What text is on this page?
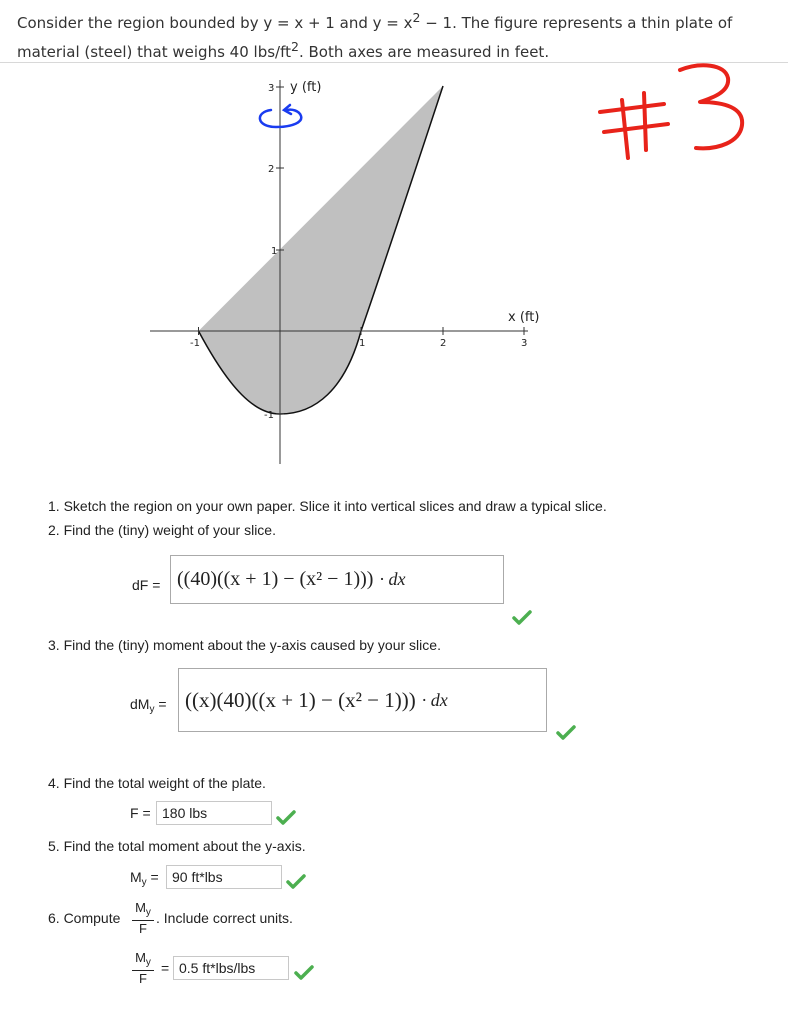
Consider the region bounded by y = x + 1 and $y = x^2 - 1$. The figure represents a thin plate of
material (steel) that weighs 40 lbs/$ft^2$. Both axes are measured in feet.
-1	1	2	3
3
2
1
-1
y (ft)
x (ft)
1. Sketch the region on your own paper. Slice it into vertical slices and draw a typical slice.
2. Find the (tiny) weight of your slice.
dF = ((40)((x + 1) − (x² − 1))) · dx
3. Find the (tiny) moment about the y-axis caused by your slice.
$dM_y = ((x)(40)((x + 1) - (x^2 - 1)))$ · dx
4. Find the total weight of the plate.
F = 180 lbs
5. Find the total moment about the y-axis.
$M_y = 90$ ft*lbs
6. Compute $\frac{M_y}{F}$ . Include correct units.
$\frac{M_y}{F} = 0.5$ ft*lbs/lbs
